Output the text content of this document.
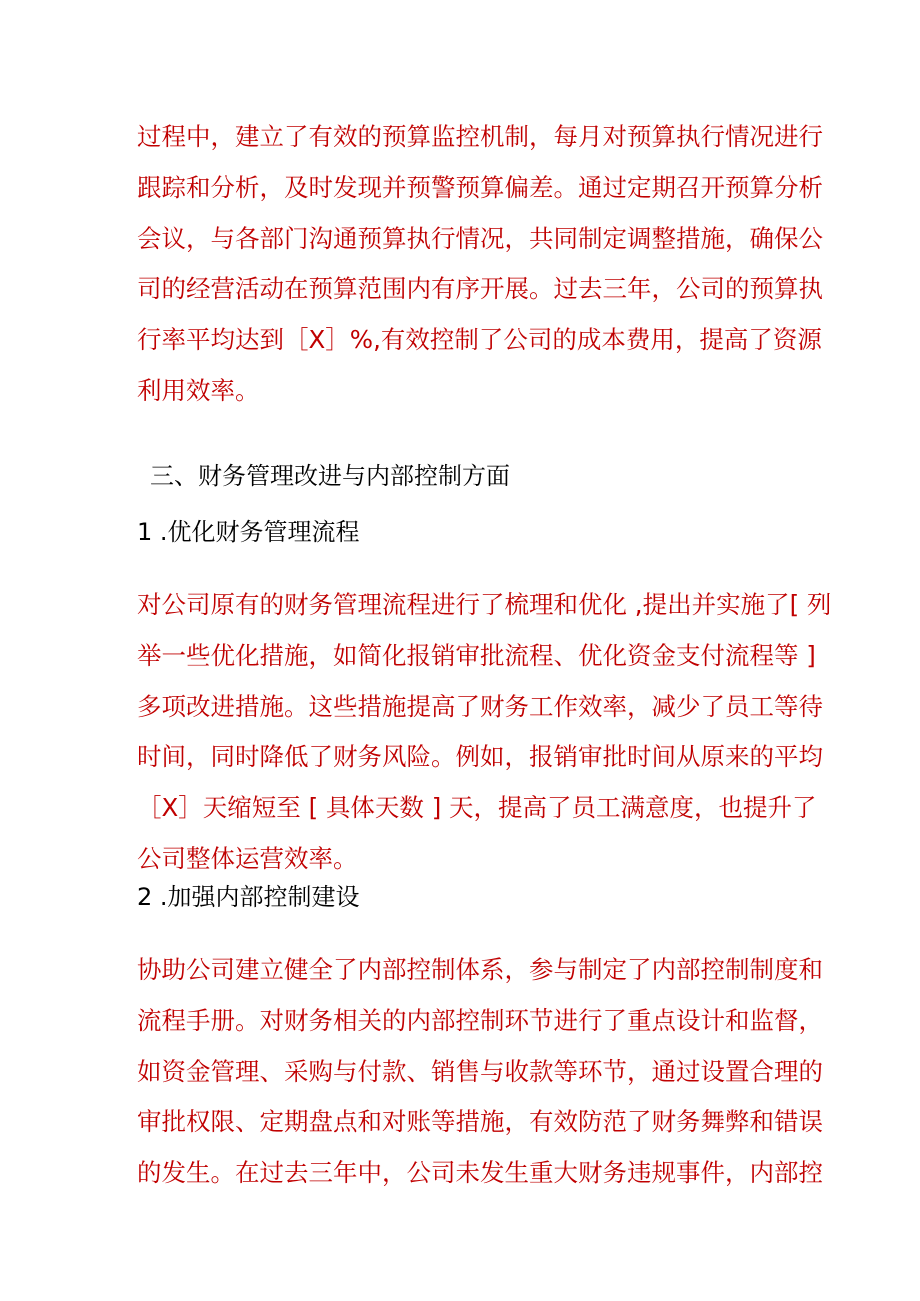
过程中，建立了有效的预算监控机制，每月对预算执行情况进行
跟踪和分析，及时发现并预警预算偏差。通过定期召开预算分析
会议，与各部门沟通预算执行情况，共同制定调整措施，确保公
司的经营活动在预算范围内有序开展。过去三年，公司的预算执
行率平均达到［X］%,有效控制了公司的成本费用，提高了资源
利用效率。
三、财务管理改进与内部控制方面
1 .优化财务管理流程
对公司原有的财务管理流程进行了梳理和优化 ,提出并实施了[ 列
举一些优化措施，如简化报销审批流程、优化资金支付流程等 ]
多项改进措施。这些措施提高了财务工作效率，减少了员工等待
时间，同时降低了财务风险。例如，报销审批时间从原来的平均
［X］天缩短至 [ 具体天数 ] 天，提高了员工满意度，也提升了
公司整体运营效率。
2 .加强内部控制建设
协助公司建立健全了内部控制体系，参与制定了内部控制制度和
流程手册。对财务相关的内部控制环节进行了重点设计和监督，
如资金管理、采购与付款、销售与收款等环节，通过设置合理的
审批权限、定期盘点和对账等措施，有效防范了财务舞弊和错误
的发生。在过去三年中，公司未发生重大财务违规事件，内部控
